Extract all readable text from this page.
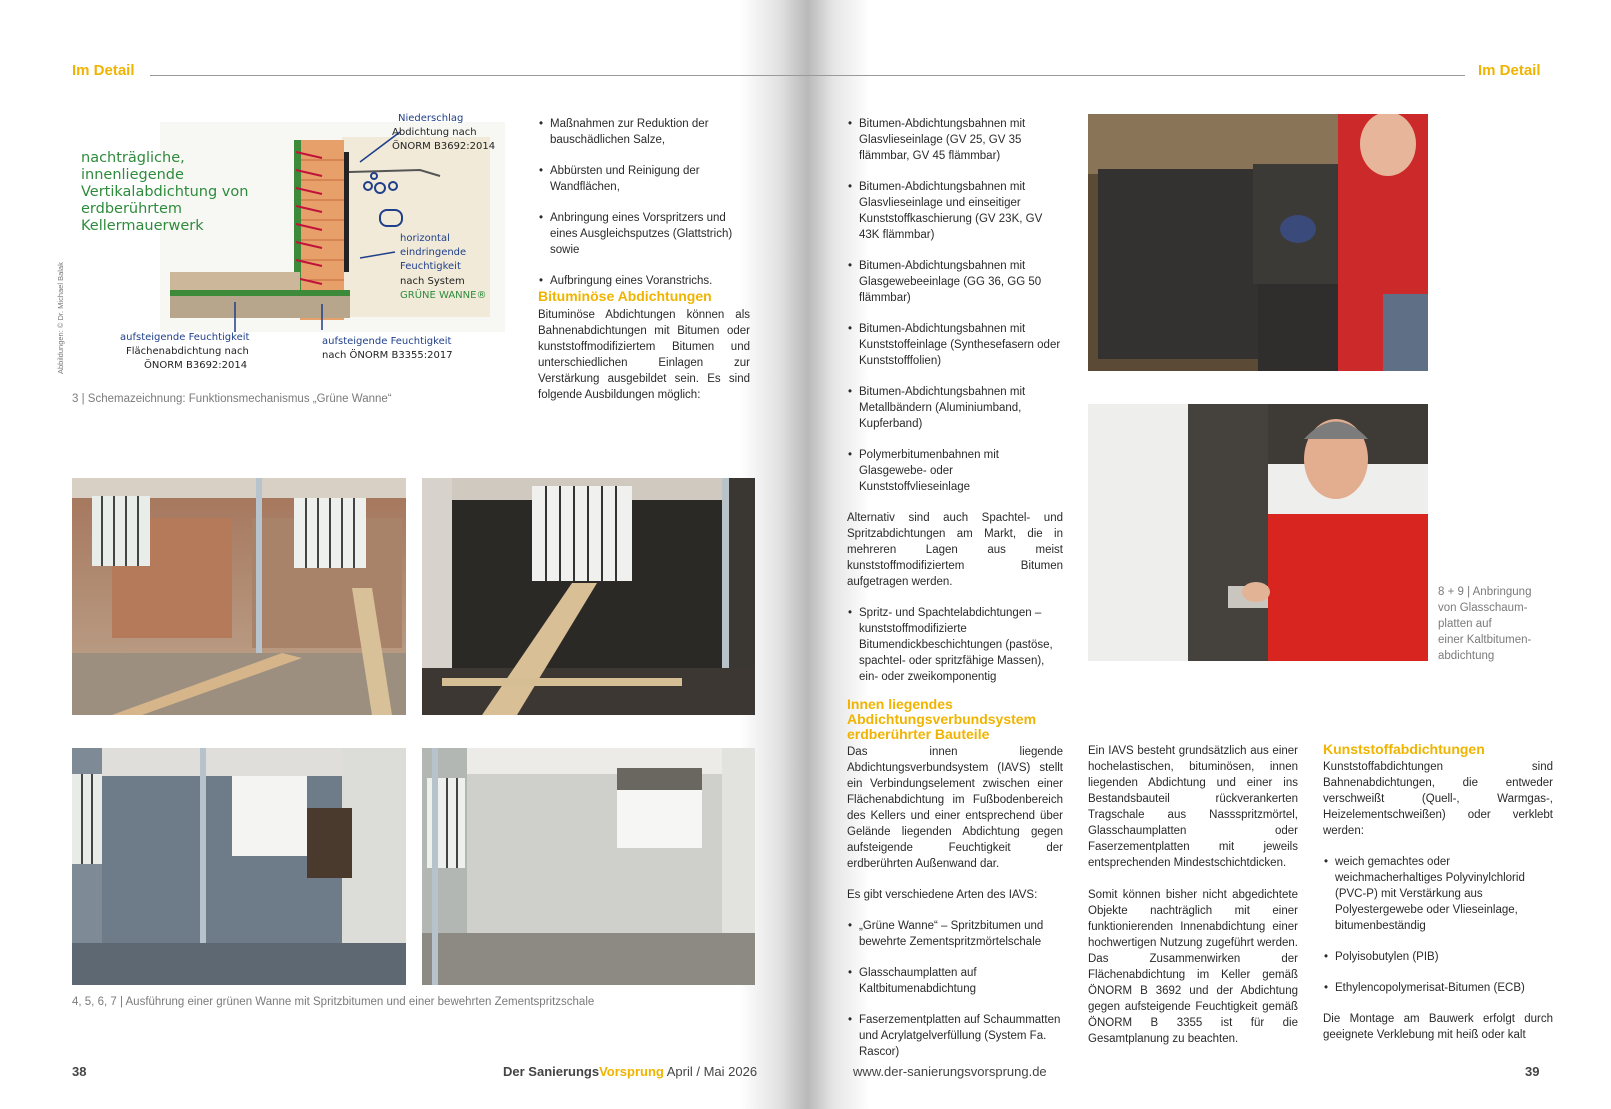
Im Detail	Im Detail
nachträgliche,
innenliegende
Vertikalabdichtung von
erdberührtem
Kellermauerwerk
Niederschlag
Abdichtung nach
ÖNORM B3692:2014
horizontal
eindringende
Feuchtigkeit
nach System
GRÜNE WANNE®
aufsteigende Feuchtigkeit
Flächenabdichtung nach
ÖNORM B3692:2014
aufsteigende Feuchtigkeit
nach ÖNORM B3355:2017
Abbildungen: © Dr. Michael Balak
3 | Schemazeichnung: Funktionsmechanismus „Grüne Wanne“
• Maßnahmen zur Reduktion der bauschädlichen Salze,
• Abbürsten und Reinigung der Wandflächen,
• Anbringung eines Vorspritzers und eines Ausgleichsputzes (Glattstrich) sowie
• Aufbringung eines Voranstrichs.
Bituminöse Abdichtungen

Bituminöse Abdichtungen können als Bahnenabdichtungen mit Bitumen oder kunststoffmodifiziertem Bitumen und unterschiedlichen Einlagen zur Verstärkung ausgebildet sein. Es sind folgende Ausbildungen möglich:

4, 5, 6, 7 | Ausführung einer grünen Wanne mit Spritzbitumen und einer bewehrten Zementspritzschale
• Bitumen-Abdichtungsbahnen mit Glasvlieseinlage (GV 25, GV 35 flämmbar, GV 45 flämmbar)
• Bitumen-Abdichtungsbahnen mit Glasvlieseinlage und einseitiger Kunststoffkaschierung (GV 23K, GV 43K flämmbar)
• Bitumen-Abdichtungsbahnen mit Glasgewebeeinlage (GG 36, GG 50 flämmbar)
• Bitumen-Abdichtungsbahnen mit Kunststoffeinlage (Synthesefasern oder Kunststofffolien)
• Bitumen-Abdichtungsbahnen mit Metallbändern (Aluminiumband, Kupferband)
• Polymerbitumenbahnen mit Glasgewebe- oder Kunststoffvlieseinlage

Alternativ sind auch Spachtel- und Spritzabdichtungen am Markt, die in mehreren Lagen aus meist kunststoffmodifiziertem Bitumen aufgetragen werden.

• Spritz- und Spachtelabdichtungen – kunststoffmodifizierte Bitumendickbeschichtungen (pastöse, spachtel- oder spritzfähige Massen), ein- oder zweikomponentig
Innen liegendes Abdichtungsverbundsystem erdberührter Bauteile

Das innen liegende Abdichtungsverbundsystem (IAVS) stellt ein Verbindungselement zwischen einer Flächenabdichtung im Fußbodenbereich des Kellers und einer entsprechend über Gelände liegenden Abdichtung gegen aufsteigende Feuchtigkeit der erdberührten Außenwand dar.

Es gibt verschiedene Arten des IAVS:

• „Grüne Wanne“ – Spritzbitumen und bewehrte Zementspritzmörtelschale
• Glasschaumplatten auf Kaltbitumenabdichtung
• Faserzementplatten auf Schaummatten und Acrylatgelverfüllung (System Fa. Rascor)
8 + 9 | Anbringung
von Glasschaum-
platten auf
einer Kaltbitumen-
abdichtung

Ein IAVS besteht grundsätzlich aus einer hochelastischen, bituminösen, innen liegenden Abdichtung und einer ins Bestandsbauteil rückverankerten Tragschale aus Nassspritzmörtel, Glasschaumplatten oder Faserzementplatten mit jeweils entsprechenden Mindestschichtdicken.

Somit können bisher nicht abgedichtete Objekte nachträglich mit einer funktionierenden Innenabdichtung einer hochwertigen Nutzung zugeführt werden. Das Zusammenwirken der Flächenabdichtung im Keller gemäß ÖNORM B 3692 und der Abdichtung gegen aufsteigende Feuchtigkeit gemäß ÖNORM B 3355 ist für die Gesamtplanung zu beachten.

Kunststoffabdichtungen

Kunststoffabdichtungen sind Bahnenabdichtungen, die entweder verschweißt (Quell-, Warmgas-, Heizelementschweißen) oder verklebt werden:

• weich gemachtes oder weichmacherhaltiges Polyvinylchlorid (PVC-P) mit Verstärkung aus Polyestergewebe oder Vlieseinlage, bitumenbeständig
• Polyisobutylen (PIB)
• Ethylencopolymerisat-Bitumen (ECB)

Die Montage am Bauwerk erfolgt durch geeignete Verklebung mit heiß oder kalt

38	Der SanierungsVorsprung April / Mai 2026	www.der-sanierungsvorsprung.de	39
